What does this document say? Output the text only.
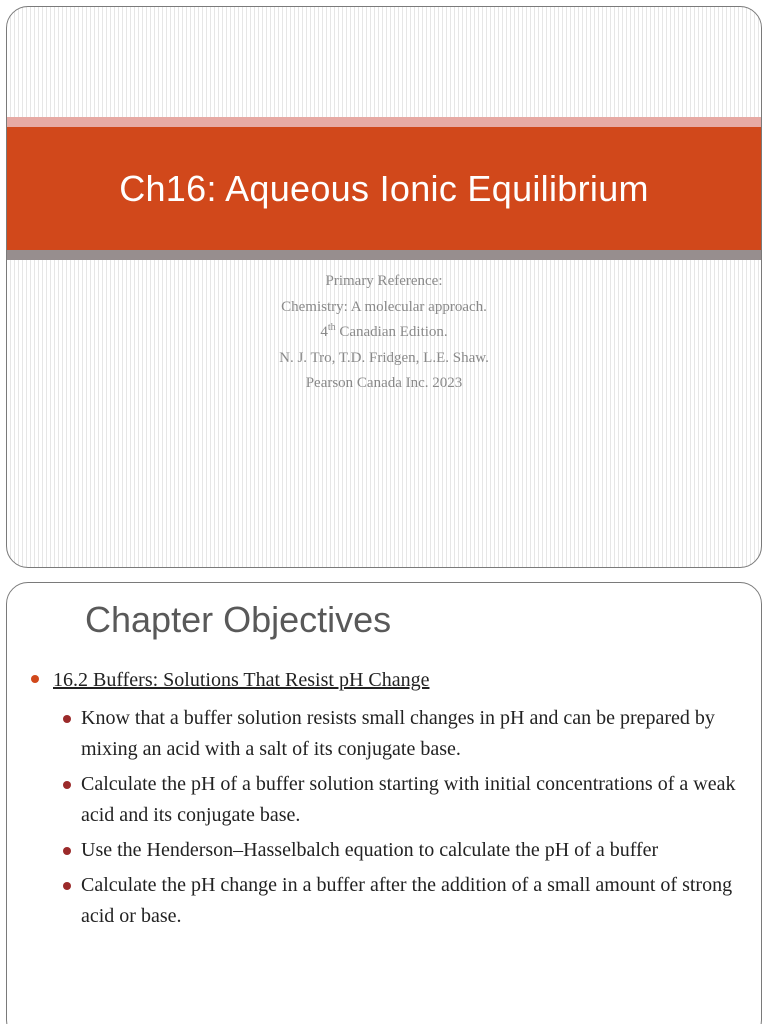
Ch16: Aqueous Ionic Equilibrium
Primary Reference:
Chemistry: A molecular approach.
4th Canadian Edition.
N. J. Tro, T.D. Fridgen, L.E. Shaw.
Pearson Canada Inc. 2023
Chapter Objectives
16.2 Buffers: Solutions That Resist pH Change
Know that a buffer solution resists small changes in pH and can be prepared by mixing an acid with a salt of its conjugate base.
Calculate the pH of a buffer solution starting with initial concentrations of a weak acid and its conjugate base.
Use the Henderson–Hasselbalch equation to calculate the pH of a buffer
Calculate the pH change in a buffer after the addition of a small amount of strong acid or base.
